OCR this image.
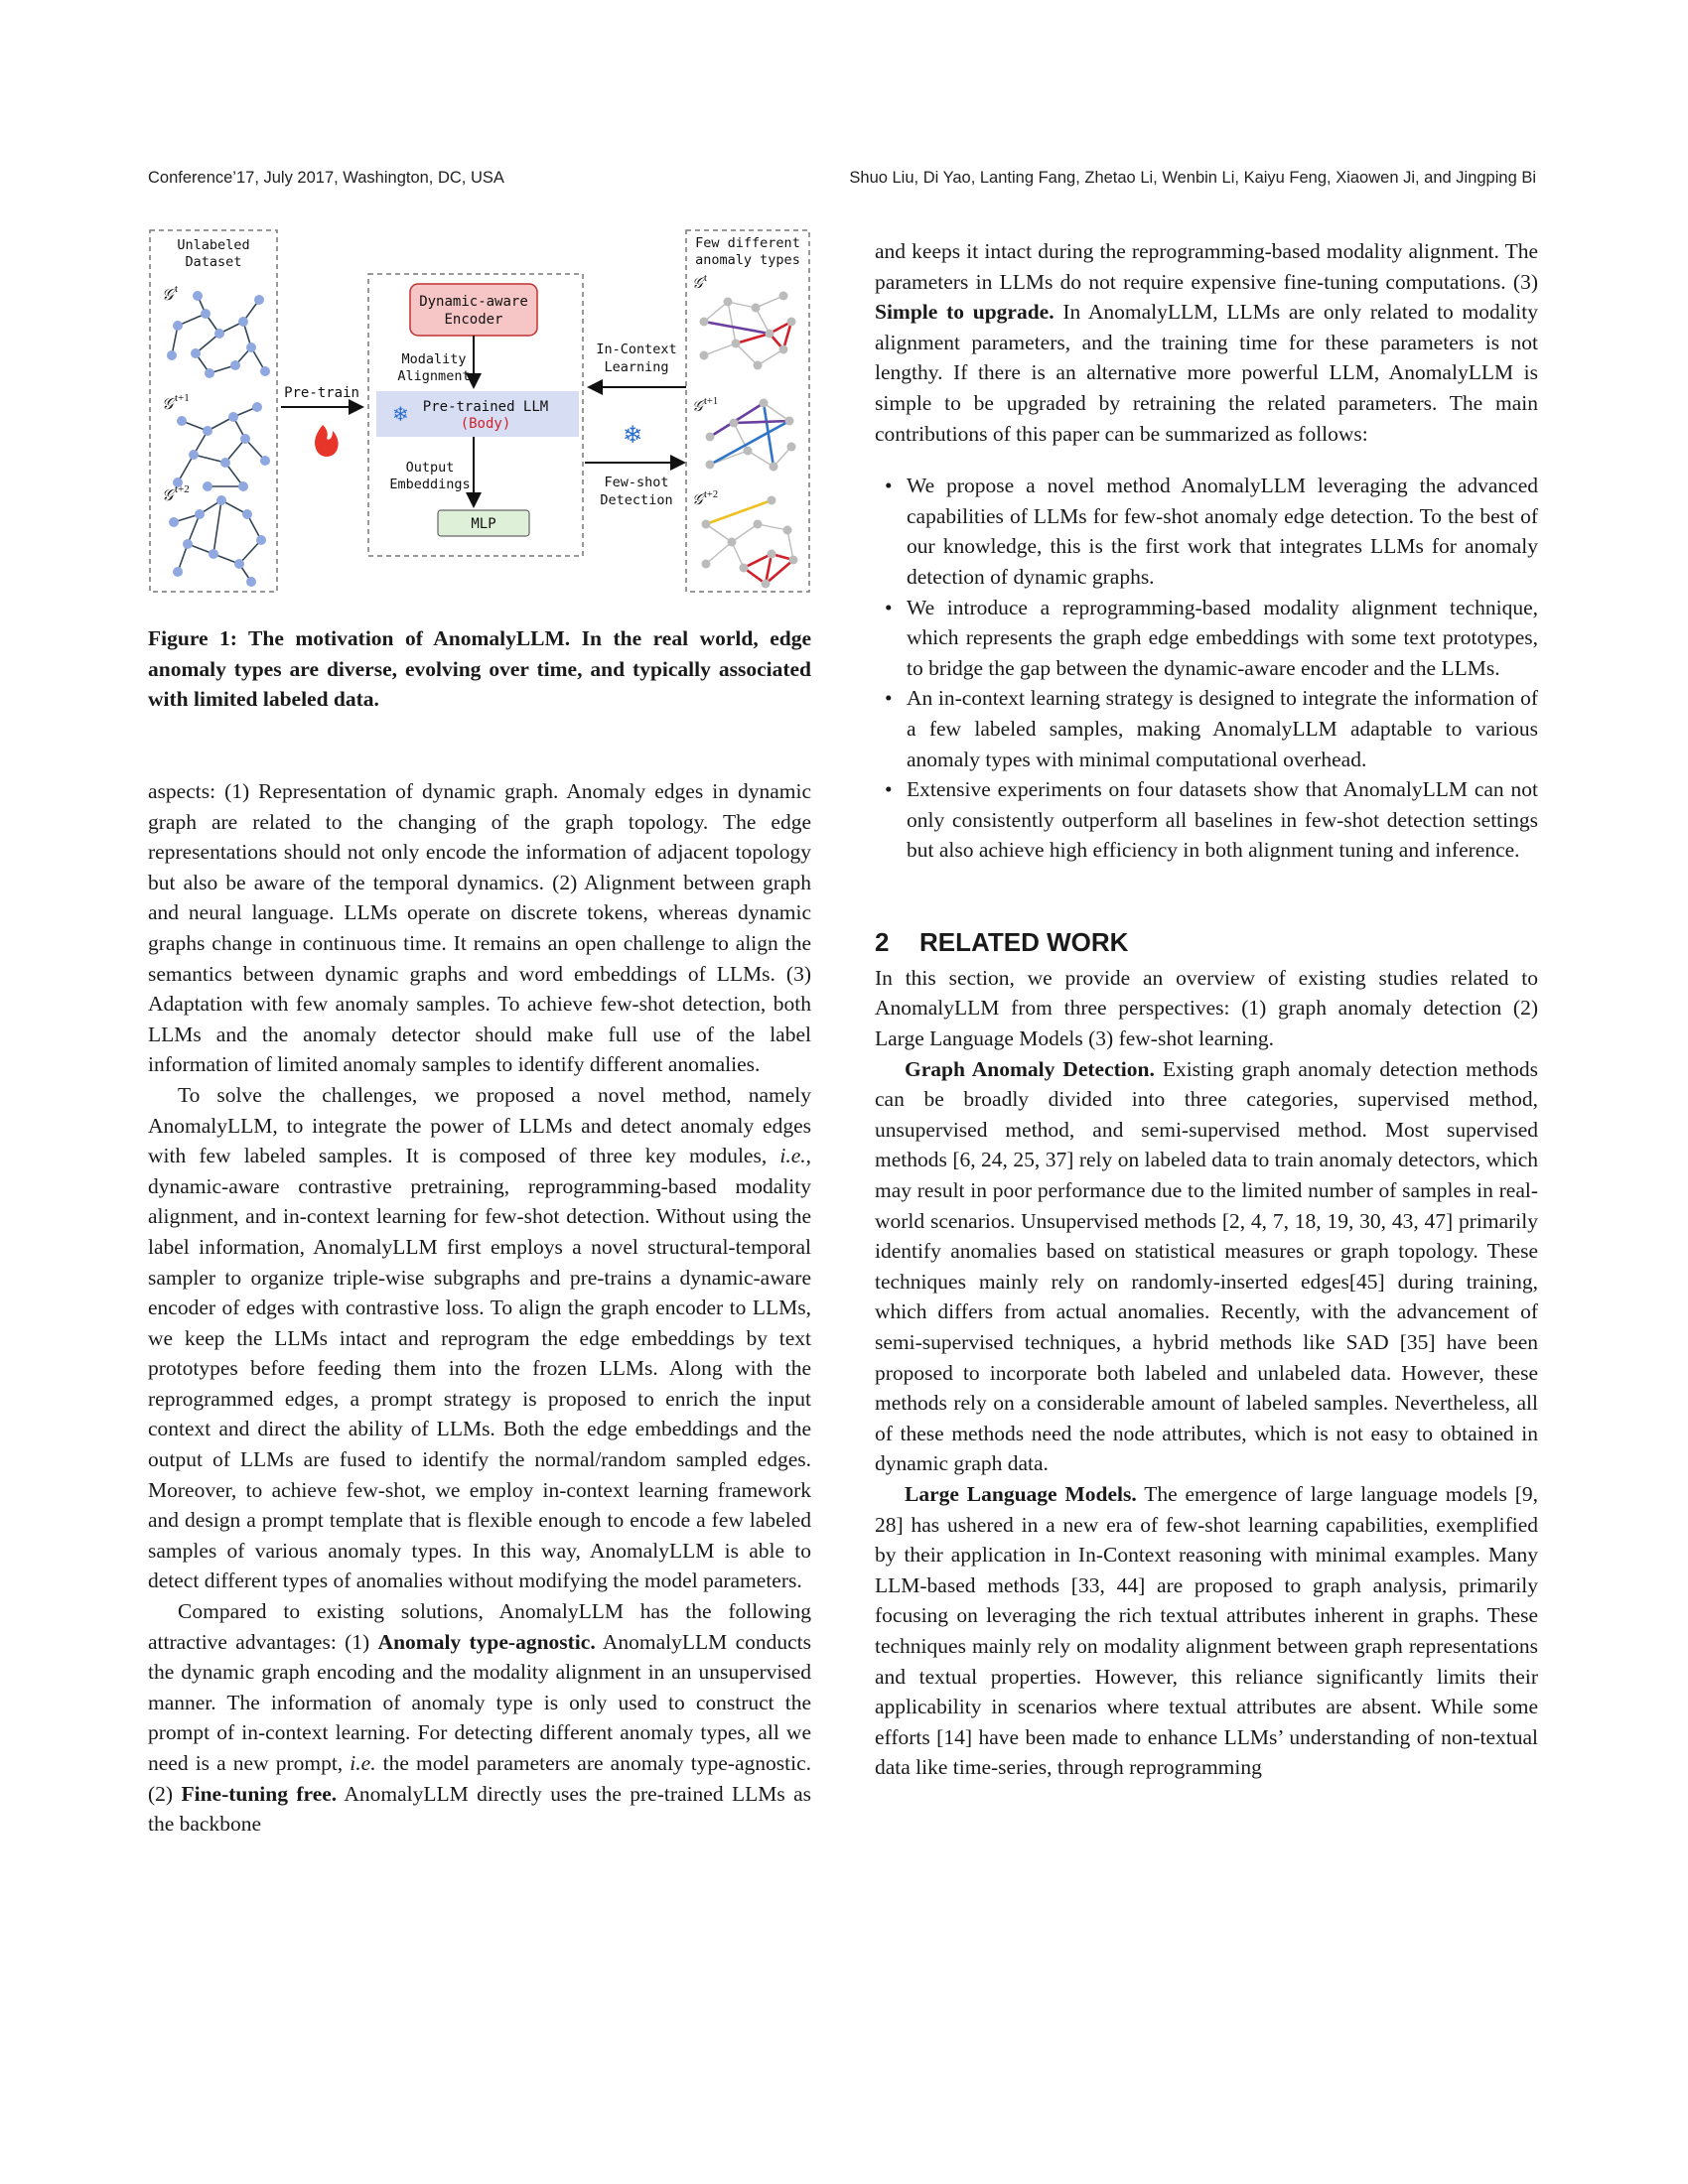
Conference’17, July 2017, Washington, DC, USA	Shuo Liu, Di Yao, Lanting Fang, Zhetao Li, Wenbin Li, Kaiyu Feng, Xiaowen Ji, and Jingping Bi
Unlabeled
Dataset
𝒢 t
𝒢 t+1
𝒢 t+2
Pre-train
Dynamic-aware
Encoder
Modality
Alignment
❄ Pre-trained LLM
(Body)
Output
Embeddings
MLP
In-Context
Learning
❄
Few-shot
Detection
Few different
anomaly types
𝒢 t
𝒢 t+1
𝒢 t+2
Figure 1: The motivation of AnomalyLLM. In the real world, edge anomaly types are diverse, evolving over time, and typically associated with limited labeled data.

aspects: (1) Representation of dynamic graph. Anomaly edges in dynamic graph are related to the changing of the graph topology. The edge representations should not only encode the information of adjacent topology but also be aware of the temporal dynamics. (2) Alignment between graph and neural language. LLMs operate on discrete tokens, whereas dynamic graphs change in continuous time. It remains an open challenge to align the semantics between dynamic graphs and word embeddings of LLMs. (3) Adaptation with few anomaly samples. To achieve few-shot detection, both LLMs and the anomaly detector should make full use of the label information of limited anomaly samples to identify different anomalies.

To solve the challenges, we proposed a novel method, namely AnomalyLLM, to integrate the power of LLMs and detect anomaly edges with few labeled samples. It is composed of three key modules, i.e., dynamic-aware contrastive pretraining, reprogramming-based modality alignment, and in-context learning for few-shot detection. Without using the label information, AnomalyLLM first employs a novel structural-temporal sampler to organize triple-wise subgraphs and pre-trains a dynamic-aware encoder of edges with contrastive loss. To align the graph encoder to LLMs, we keep the LLMs intact and reprogram the edge embeddings by text prototypes before feeding them into the frozen LLMs. Along with the reprogrammed edges, a prompt strategy is proposed to enrich the input context and direct the ability of LLMs. Both the edge embeddings and the output of LLMs are fused to identify the normal/random sampled edges. Moreover, to achieve few-shot, we employ in-context learning framework and design a prompt template that is flexible enough to encode a few labeled samples of various anomaly types. In this way, AnomalyLLM is able to detect different types of anomalies without modifying the model parameters.

Compared to existing solutions, AnomalyLLM has the following attractive advantages: (1) Anomaly type-agnostic. AnomalyLLM conducts the dynamic graph encoding and the modality alignment in an unsupervised manner. The information of anomaly type is only used to construct the prompt of in-context learning. For detecting different anomaly types, all we need is a new prompt, i.e. the model parameters are anomaly type-agnostic. (2) Fine-tuning free. AnomalyLLM directly uses the pre-trained LLMs as the backbone

and keeps it intact during the reprogramming-based modality alignment. The parameters in LLMs do not require expensive fine-tuning computations. (3) Simple to upgrade. In AnomalyLLM, LLMs are only related to modality alignment parameters, and the training time for these parameters is not lengthy. If there is an alternative more powerful LLM, AnomalyLLM is simple to be upgraded by retraining the related parameters. The main contributions of this paper can be summarized as follows:

• We propose a novel method AnomalyLLM leveraging the advanced capabilities of LLMs for few-shot anomaly edge detection. To the best of our knowledge, this is the first work that integrates LLMs for anomaly detection of dynamic graphs.
• We introduce a reprogramming-based modality alignment technique, which represents the graph edge embeddings with some text prototypes, to bridge the gap between the dynamic-aware encoder and the LLMs.
• An in-context learning strategy is designed to integrate the information of a few labeled samples, making AnomalyLLM adaptable to various anomaly types with minimal computational overhead.
• Extensive experiments on four datasets show that AnomalyLLM can not only consistently outperform all baselines in few-shot detection settings but also achieve high efficiency in both alignment tuning and inference.
2 RELATED WORK

In this section, we provide an overview of existing studies related to AnomalyLLM from three perspectives: (1) graph anomaly detection (2) Large Language Models (3) few-shot learning.

Graph Anomaly Detection. Existing graph anomaly detection methods can be broadly divided into three categories, supervised method, unsupervised method, and semi-supervised method. Most supervised methods [6, 24, 25, 37] rely on labeled data to train anomaly detectors, which may result in poor performance due to the limited number of samples in real-world scenarios. Unsupervised methods [2, 4, 7, 18, 19, 30, 43, 47] primarily identify anomalies based on statistical measures or graph topology. These techniques mainly rely on randomly-inserted edges[45] during training, which differs from actual anomalies. Recently, with the advancement of semi-supervised techniques, a hybrid methods like SAD [35] have been proposed to incorporate both labeled and unlabeled data. However, these methods rely on a considerable amount of labeled samples. Nevertheless, all of these methods need the node attributes, which is not easy to obtained in dynamic graph data.

Large Language Models. The emergence of large language models [9, 28] has ushered in a new era of few-shot learning capabilities, exemplified by their application in In-Context reasoning with minimal examples. Many LLM-based methods [33, 44] are proposed to graph analysis, primarily focusing on leveraging the rich textual attributes inherent in graphs. These techniques mainly rely on modality alignment between graph representations and textual properties. However, this reliance significantly limits their applicability in scenarios where textual attributes are absent. While some efforts [14] have been made to enhance LLMs’ understanding of non-textual data like time-series, through reprogramming
